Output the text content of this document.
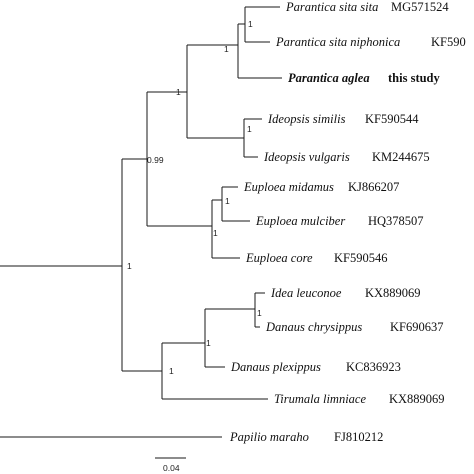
1
1
1
1
0.99
1
1
1
1
1
1
Parantica sita sita MG571524
Parantica sita niphonica KF590
Parantica aglea this study
Ideopsis similis KF590544
Ideopsis vulgaris KM244675
Euploea midamus KJ866207
Euploea mulciber HQ378507
Euploea core KF590546
Idea leuconoe KX889069
Danaus chrysippus KF690637
Danaus plexippus KC836923
Tirumala limniace KX889069
Papilio maraho FJ810212
0.04
